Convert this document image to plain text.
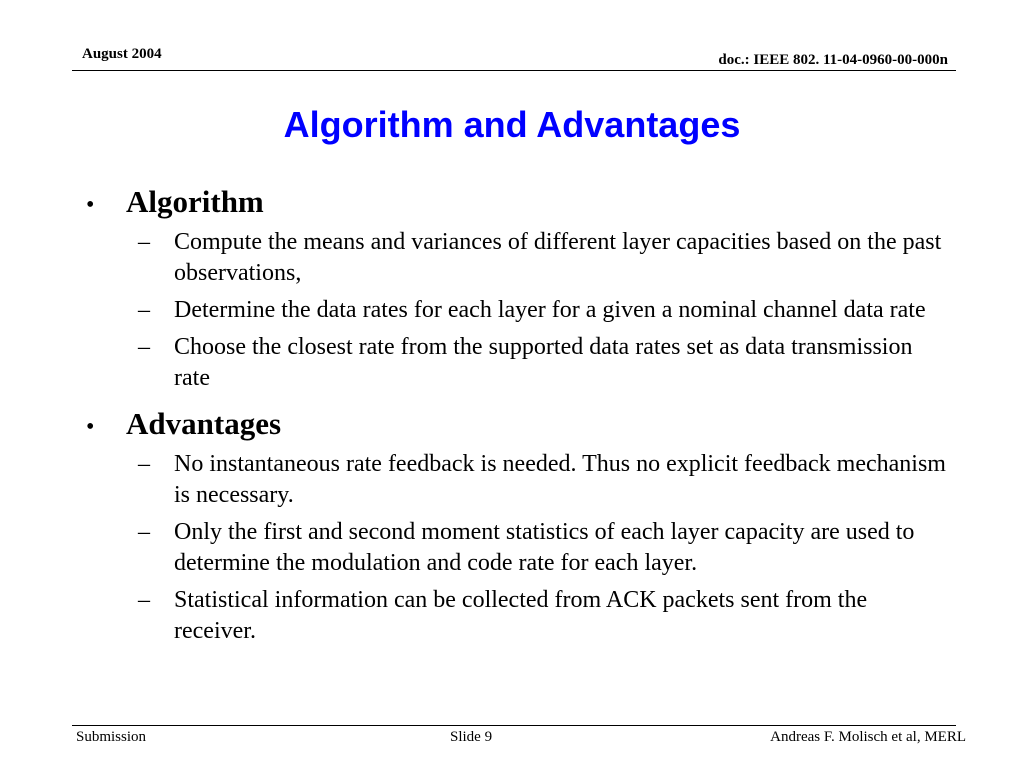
August 2004	doc.: IEEE 802. 11-04-0960-00-000n
Algorithm and Advantages
•	Algorithm
–	Compute the means and variances of different layer capacities based on the past observations,
–	Determine the data rates for each layer for a given a nominal channel data rate
–	Choose the closest rate from the supported data rates set as data transmission rate
•	Advantages
–	No instantaneous rate feedback is needed. Thus no explicit feedback mechanism is necessary.
–	Only the first and second moment statistics of each layer capacity are used to determine the modulation and code rate for each layer.
–	Statistical information can be collected from ACK packets sent from the receiver.
Submission	Slide 9	Andreas F. Molisch et al, MERL
